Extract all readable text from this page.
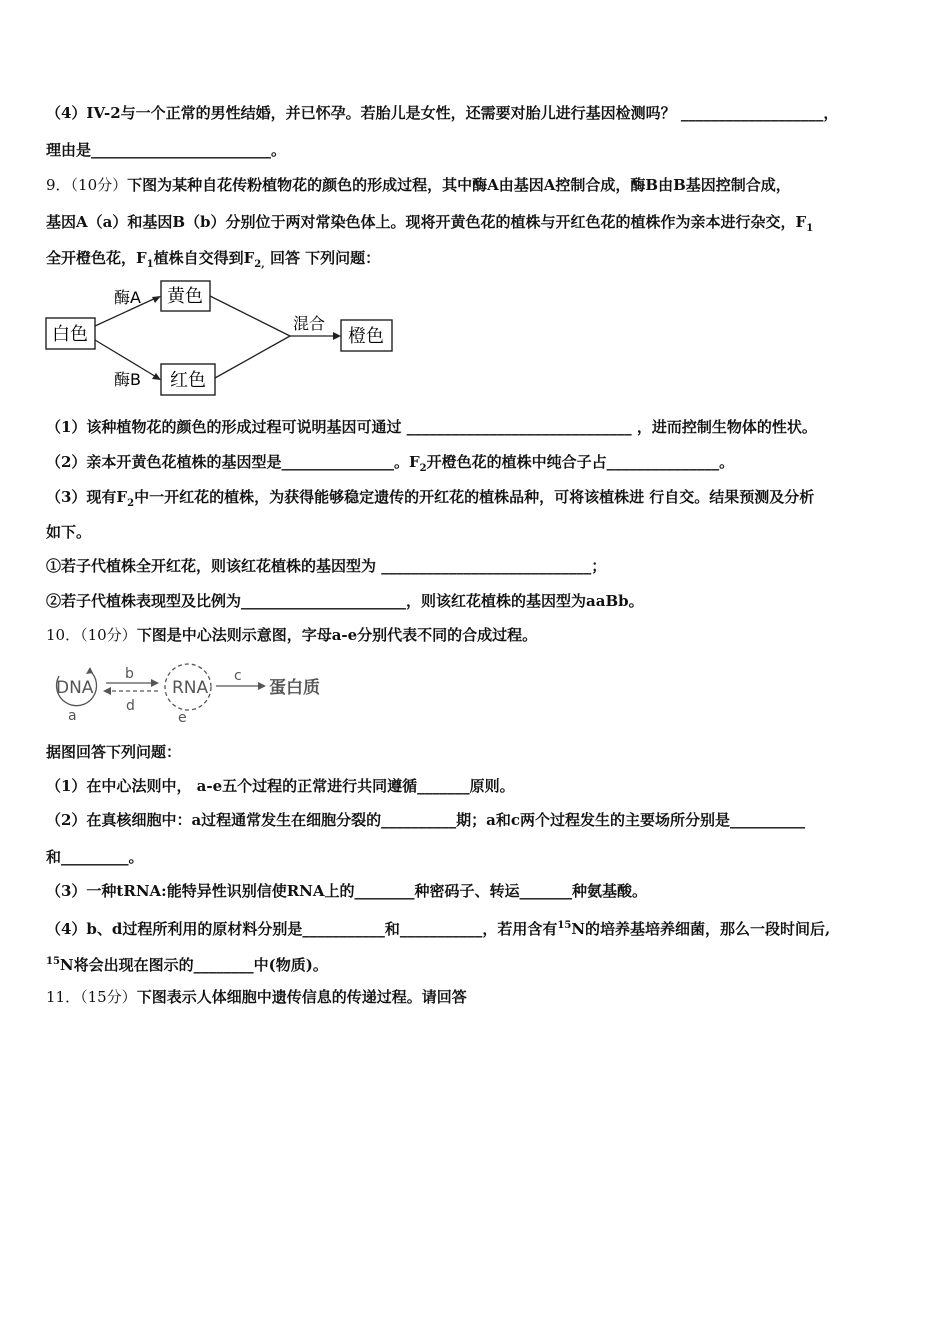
（4）IV-2与一个正常的男性结婚，并已怀孕。若胎儿是女性，还需要对胎儿进行基因检测吗？ ___________________，
理由是________________________。
9．（10分）下图为某种自花传粉植物花的颜色的形成过程，其中酶A由基因A控制合成，酶B由B基因控制合成，
基因A（a）和基因B（b）分别位于两对常染色体上。现将开黄色花的植株与开红色花的植株作为亲本进行杂交，$F_1$
全开橙色花，$F_1$植株自交得到$F_{2,}$ 回答 下列问题：
白色
黄色
红色
橙色
酶A
酶B
混合
（1）该种植物花的颜色的形成过程可说明基因可通过 ______________________________ ，进而控制生物体的性状。
（2）亲本开黄色花植株的基因型是_______________。$F_2$开橙色花的植株中纯合子占_______________。
（3）现有$F_2$中一开红花的植株，为获得能够稳定遗传的开红花的植株品种，可将该植株进 行自交。结果预测及分析
如下。
①若子代植株全开红花，则该红花植株的基因型为 ____________________________；
②若子代植株表现型及比例为______________________，则该红花植株的基因型为aaBb。
10．（10分）下图是中心法则示意图，字母a-e分别代表不同的合成过程。
DNA	RNA	蛋白质
a
b	c
d
e
据图回答下列问题：
（1）在中心法则中， a-e五个过程的正常进行共同遵循_______原则。
（2）在真核细胞中：a过程通常发生在细胞分裂的__________期；a和c两个过程发生的主要场所分别是__________
和_________。
（3）一种tRNA:能特异性识别信使RNA上的________种密码子、转运_______种氨基酸。
（4）b、d过程所利用的原材料分别是___________和___________，若用含有$^{15}$N的培养基培养细菌，那么一段时间后,
$^{15}$N将会出现在图示的________中(物质)。
11．（15分）下图表示人体细胞中遗传信息的传递过程。请回答
